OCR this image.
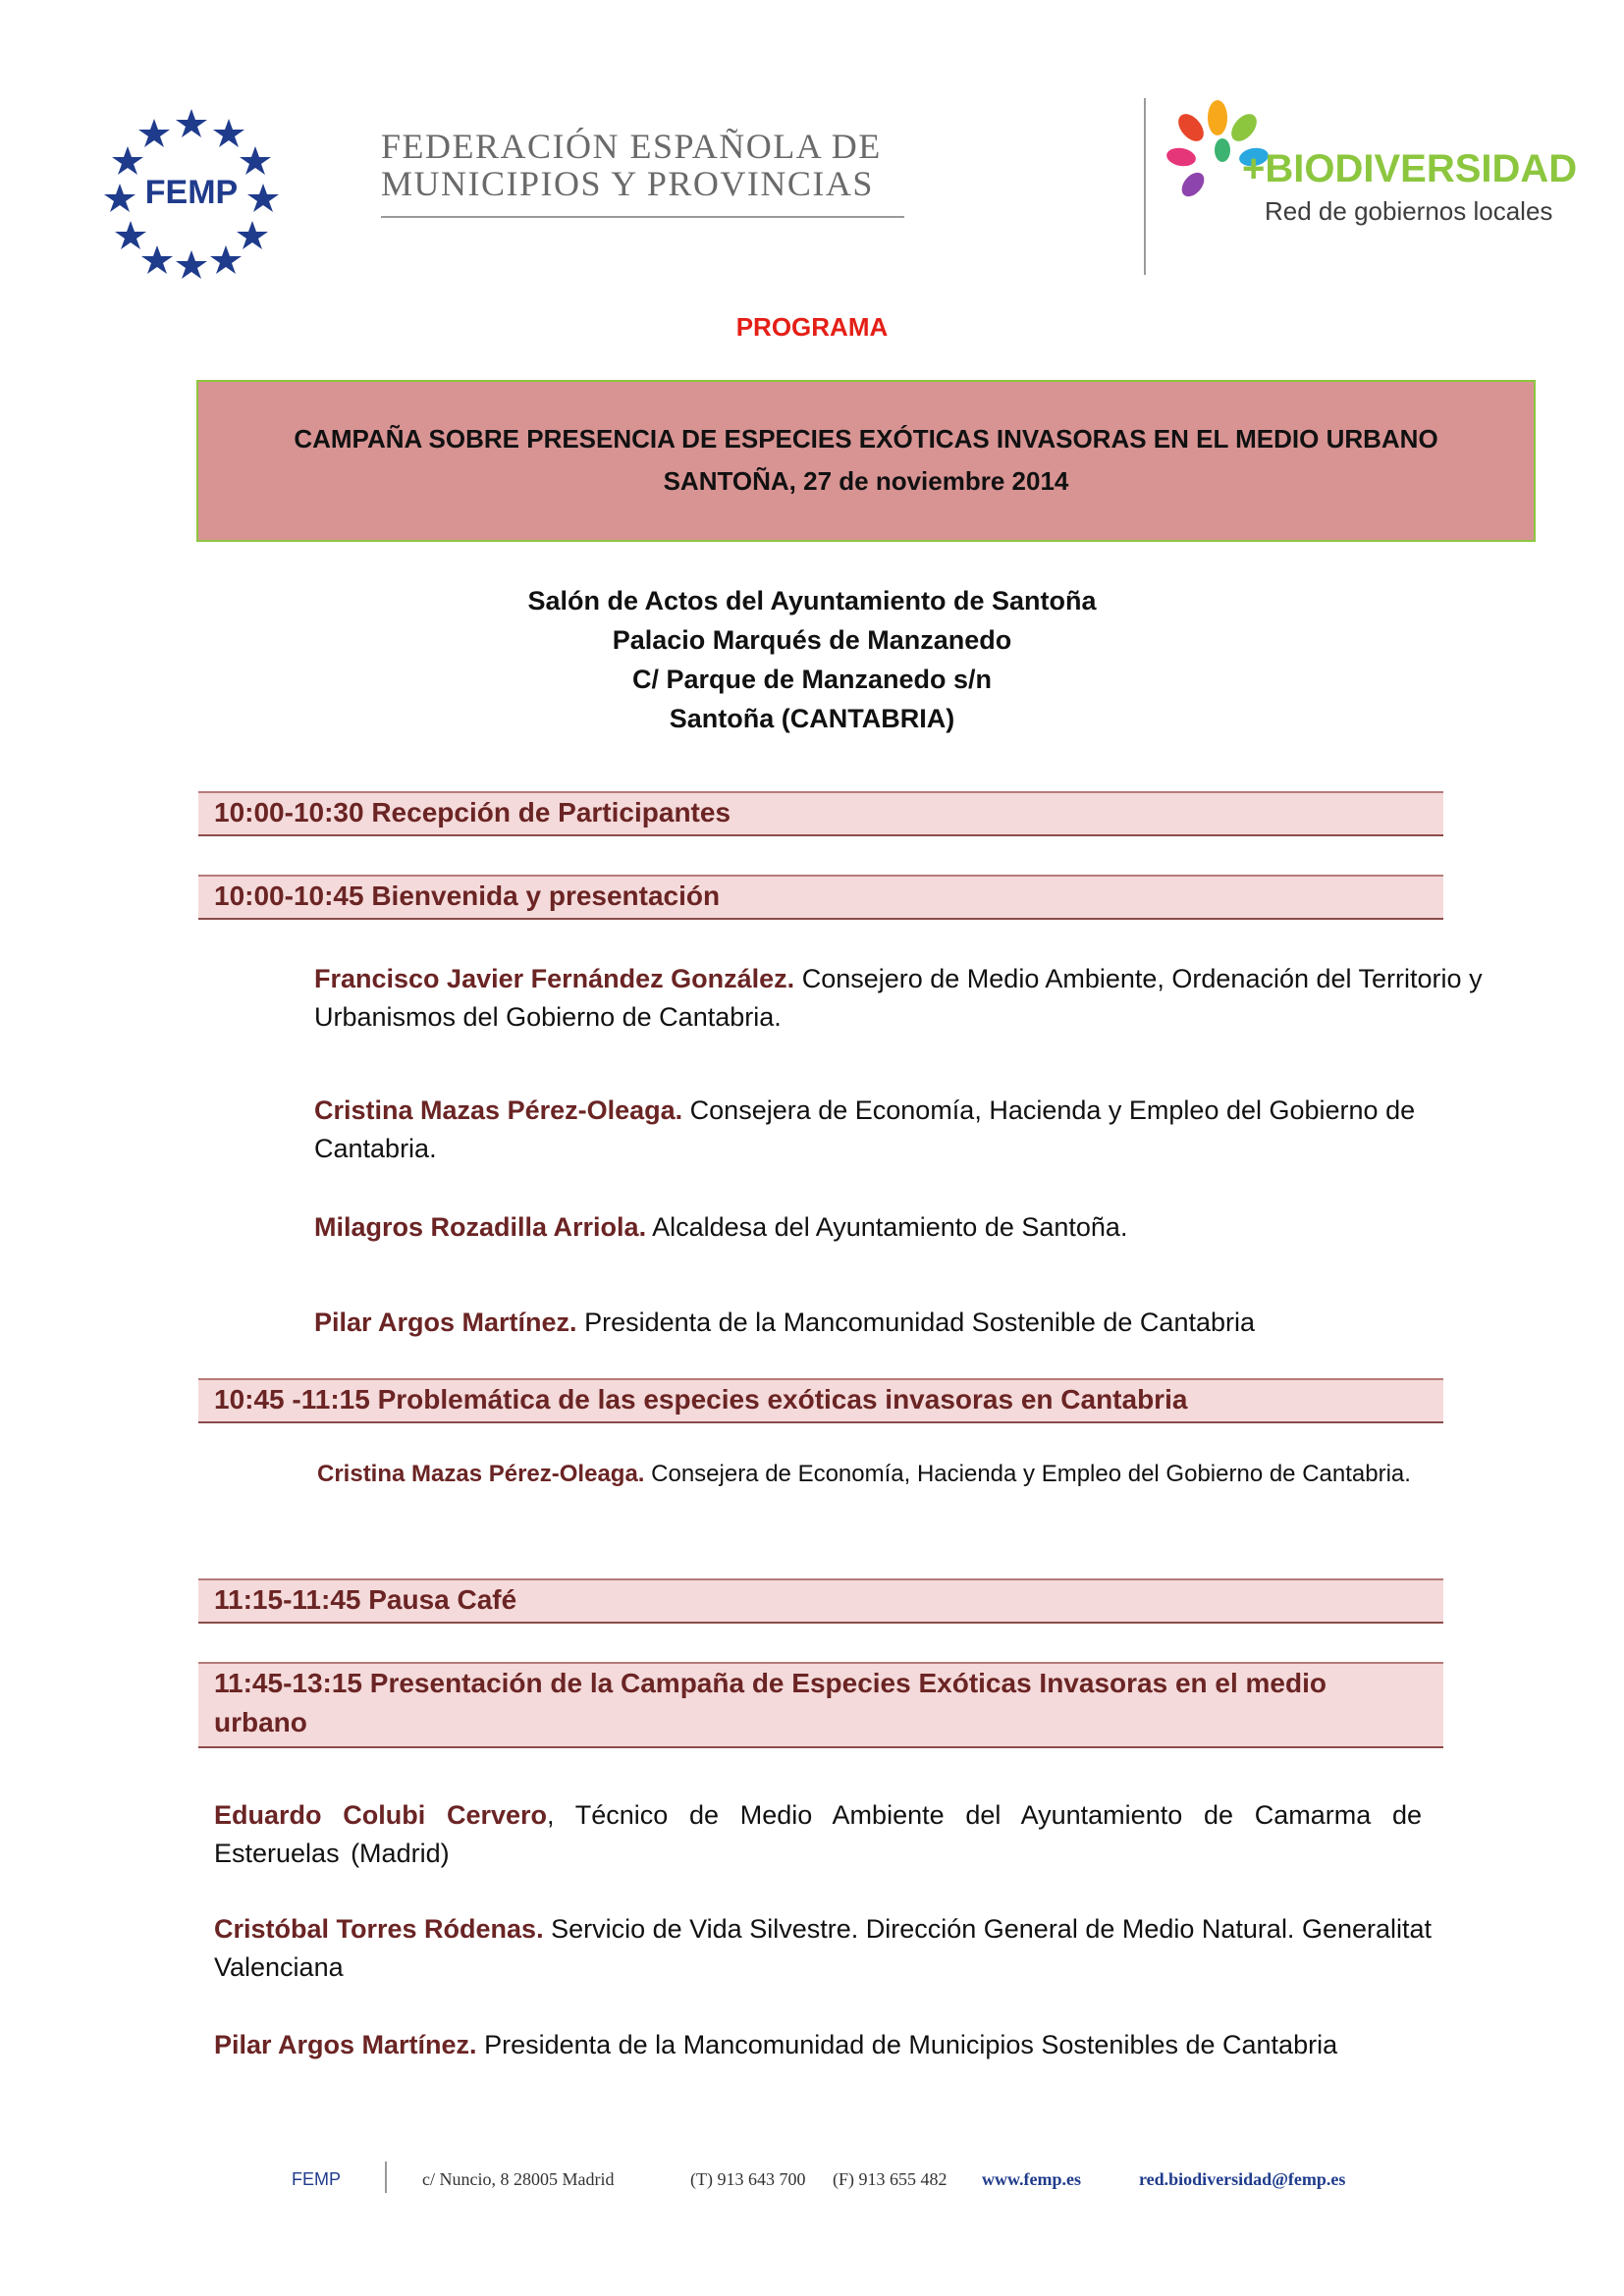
FEMP
FEDERACIÓN ESPAÑOLA DE
MUNICIPIOS Y PROVINCIAS	+BIODIVERSIDAD
Red de gobiernos locales
PROGRAMA
CAMPAÑA SOBRE PRESENCIA DE ESPECIES EXÓTICAS INVASORAS EN EL MEDIO URBANO
SANTOÑA, 27 de noviembre 2014
Salón de Actos del Ayuntamiento de Santoña
Palacio Marqués de Manzanedo
C/ Parque de Manzanedo s/n
Santoña (CANTABRIA)
10:00-10:30 Recepción de Participantes
10:00-10:45 Bienvenida y presentación
Francisco Javier Fernández González. Consejero de Medio Ambiente, Ordenación del Territorio y Urbanismos del Gobierno de Cantabria.
Cristina Mazas Pérez-Oleaga. Consejera de Economía, Hacienda y Empleo del Gobierno de Cantabria.
Milagros Rozadilla Arriola. Alcaldesa del Ayuntamiento de Santoña.
Pilar Argos Martínez. Presidenta de la Mancomunidad Sostenible de Cantabria
10:45 -11:15 Problemática de las especies exóticas invasoras en Cantabria
Cristina Mazas Pérez-Oleaga. Consejera de Economía, Hacienda y Empleo del Gobierno de Cantabria.
11:15-11:45 Pausa Café
11:45-13:15 Presentación de la Campaña de Especies Exóticas Invasoras en el medio urbano
Eduardo Colubi Cervero, Técnico de Medio Ambiente del Ayuntamiento de Camarma de Esteruelas (Madrid)
Cristóbal Torres Ródenas. Servicio de Vida Silvestre. Dirección General de Medio Natural. Generalitat Valenciana
Pilar Argos Martínez. Presidenta de la Mancomunidad de Municipios Sostenibles de Cantabria
FEMP	c/ Nuncio, 8 28005 Madrid	(T) 913 643 700 (F) 913 655 482 www.femp.es	red.biodiversidad@femp.es
